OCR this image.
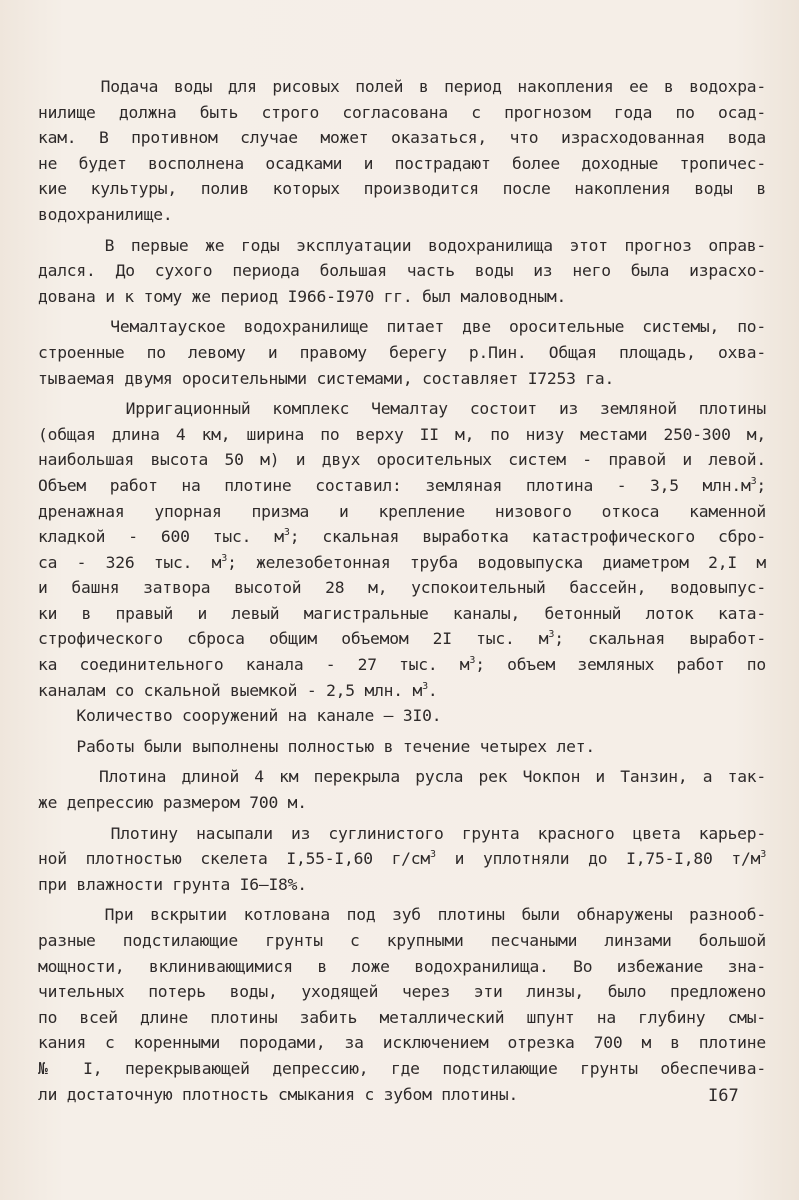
Подача воды для рисовых полей в период накопления ее в водохра-
нилище должна быть строго согласована с прогнозом года по осад-
кам. В противном случае может оказаться, что израсходованная вода
не будет восполнена осадками и пострадают более доходные тропичес-
кие культуры, полив которых производится после накопления воды в
водохранилище.
В первые же годы эксплуатации водохранилища этот прогноз оправ-
дался. До сухого периода большая часть воды из него была израсхо-
дована и к тому же период I966-I970 гг. был маловодным.
Чемалтауское водохранилище питает две оросительные системы, по-
строенные по левому и правому берегу р.Пин. Общая площадь, охва-
тываемая двумя оросительными системами, составляет I7253 га.
Ирригационный комплекс Чемалтау состоит из земляной плотины
(общая длина 4 км, ширина по верху II м, по низу местами 250-300 м,
наибольшая высота 50 м) и двух оросительных систем - правой и левой.
Объем работ на плотине составил: земляная плотина - 3,5 $млн.м^3$;
дренажная упорная призма и крепление низового откоса каменной
кладкой - 600 тыс. $м^3$; скальная выработка катастрофического сбро-
са - 326 тыс. $м^3$; железобетонная труба водовыпуска диаметром 2,I м
и башня затвора высотой 28 м, успокоительный бассейн, водовыпус-
ки в правый и левый магистральные каналы, бетонный лоток ката-
строфического сброса общим объемом 2I тыс. $м^3$; скальная выработ-
ка соединительного канала - 27 тыс. $м^3$; объем земляных работ по
каналам со скальной выемкой - 2,5 млн. $м^3$.
Количество сооружений на канале — 3I0.
Работы были выполнены полностью в течение четырех лет.
Плотина длиной 4 км перекрыла русла рек Чокпон и Танзин, а так-
же депрессию размером 700 м.
Плотину насыпали из суглинистого грунта красного цвета карьер-
ной плотностью скелета I,55-I,60 $г/см^3$ и уплотняли до I,75-I,80 $т/м^3$
при влажности грунта I6—I8%.
При вскрытии котлована под зуб плотины были обнаружены разнооб-
разные подстилающие грунты с крупными песчаными линзами большой
мощности, вклинивающимися в ложе водохранилища. Во избежание зна-
чительных потерь воды, уходящей через эти линзы, было предложено
по всей длине плотины забить металлический шпунт на глубину смы-
кания с коренными породами, за исключением отрезка 700 м в плотине
№ I, перекрывающей депрессию, где подстилающие грунты обеспечива-
ли достаточную плотность смыкания с зубом плотины.	I67
